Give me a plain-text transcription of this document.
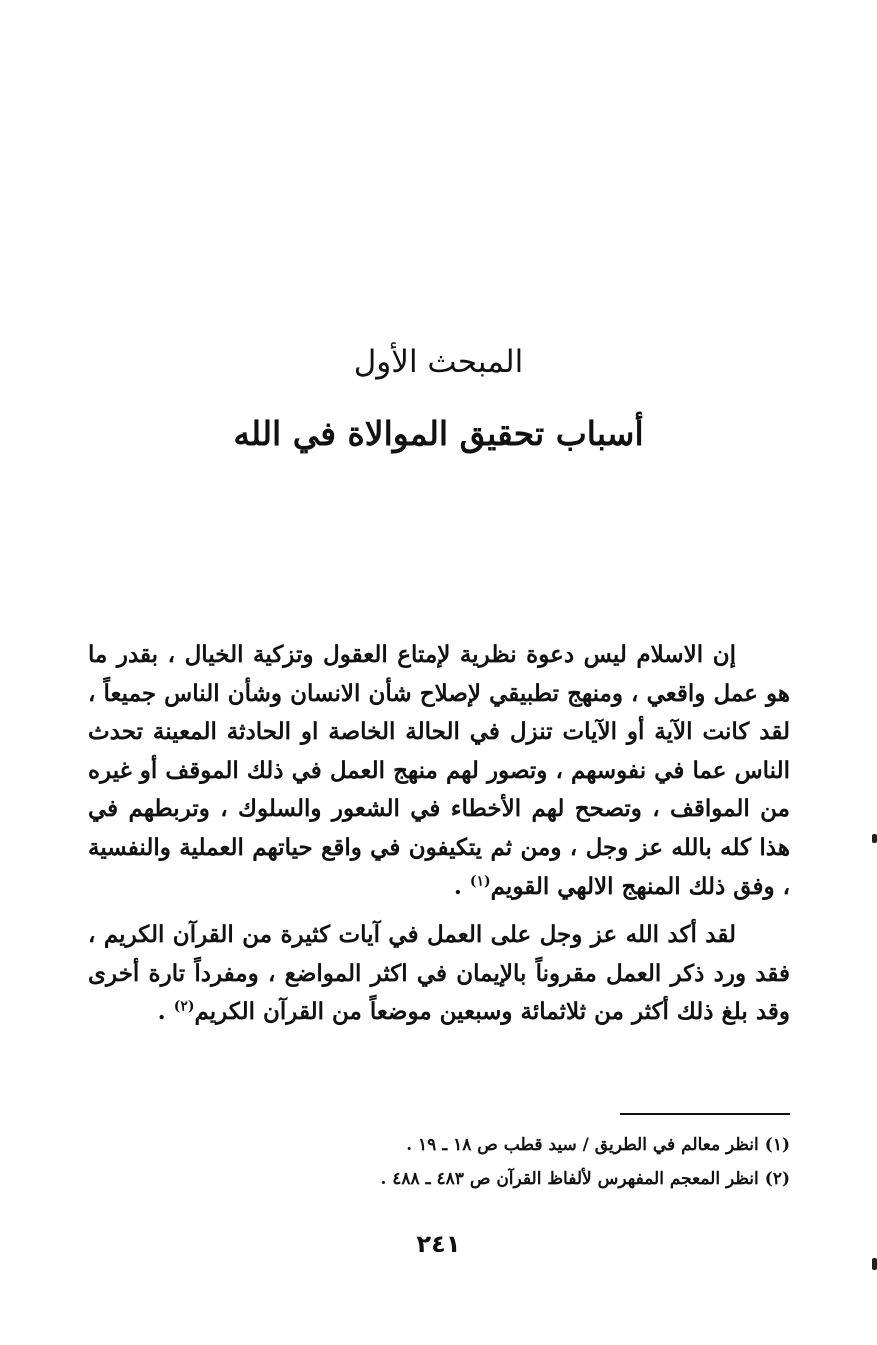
المبحث الأول
أسباب تحقيق الموالاة في الله

إن الاسلام ليس دعوة نظرية لإمتاع العقول وتزكية الخيال ، بقدر ما هو عمل واقعي ، ومنهج تطبيقي لإصلاح شأن الانسان وشأن الناس جميعاً ، لقد كانت الآية أو الآيات تنزل في الحالة الخاصة او الحادثة المعينة تحدث الناس عما في نفوسهم ، وتصور لهم منهج العمل في ذلك الموقف أو غيره من المواقف ، وتصحح لهم الأخطاء في الشعور والسلوك ، وتربطهم في هذا كله بالله عز وجل ، ومن ثم يتكيفون في واقع حياتهم العملية والنفسية ، وفق ذلك المنهج الالهي القويم$^{(١)}$ .

لقد أكد الله عز وجل على العمل في آيات كثيرة من القرآن الكريم ، فقد ورد ذكر العمل مقروناً بالإيمان في اكثر المواضع ، ومفرداً تارة أخرى وقد بلغ ذلك أكثر من ثلاثمائة وسبعين موضعاً من القرآن الكريم$^{(٢)}$ .

(١)انظر معالم في الطريق / سيد قطب ص ١٨ ـ ١٩ .
(٢)انظر المعجم المفهرس لألفاظ القرآن ص ٤٨٣ ـ ٤٨٨ .
٢٤١
